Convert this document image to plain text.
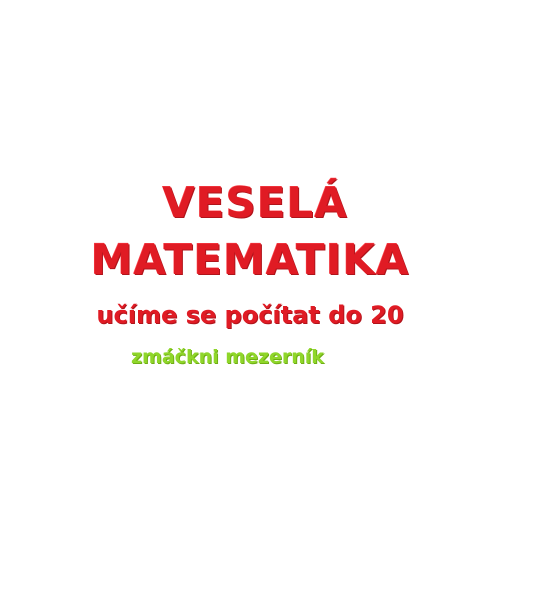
VESELÁ
MATEMATIKA
učíme se počítat do 20
zmáčkni mezerník
